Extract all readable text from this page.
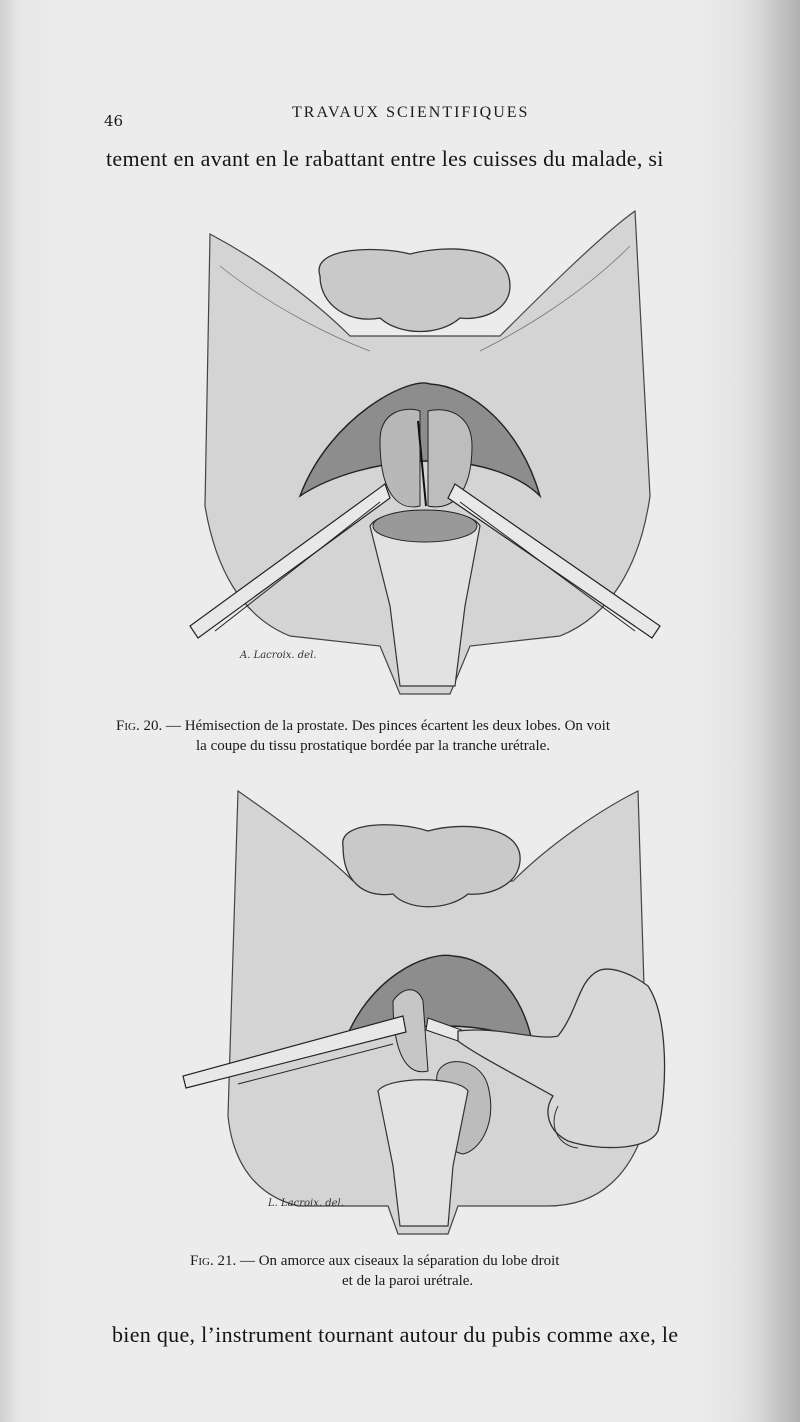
46	TRAVAUX SCIENTIFIQUES
tement en avant en le rabattant entre les cuisses du malade, si
A. Lacroix. del.
Fig. 20. — Hémisection de la prostate. Des pinces écartent les deux lobes. On voit
la coupe du tissu prostatique bordée par la tranche urétrale.
L. Lacroix. del.
Fig. 21. — On amorce aux ciseaux la séparation du lobe droit
et de la paroi urétrale.
bien que, l’instrument tournant autour du pubis comme axe, le
